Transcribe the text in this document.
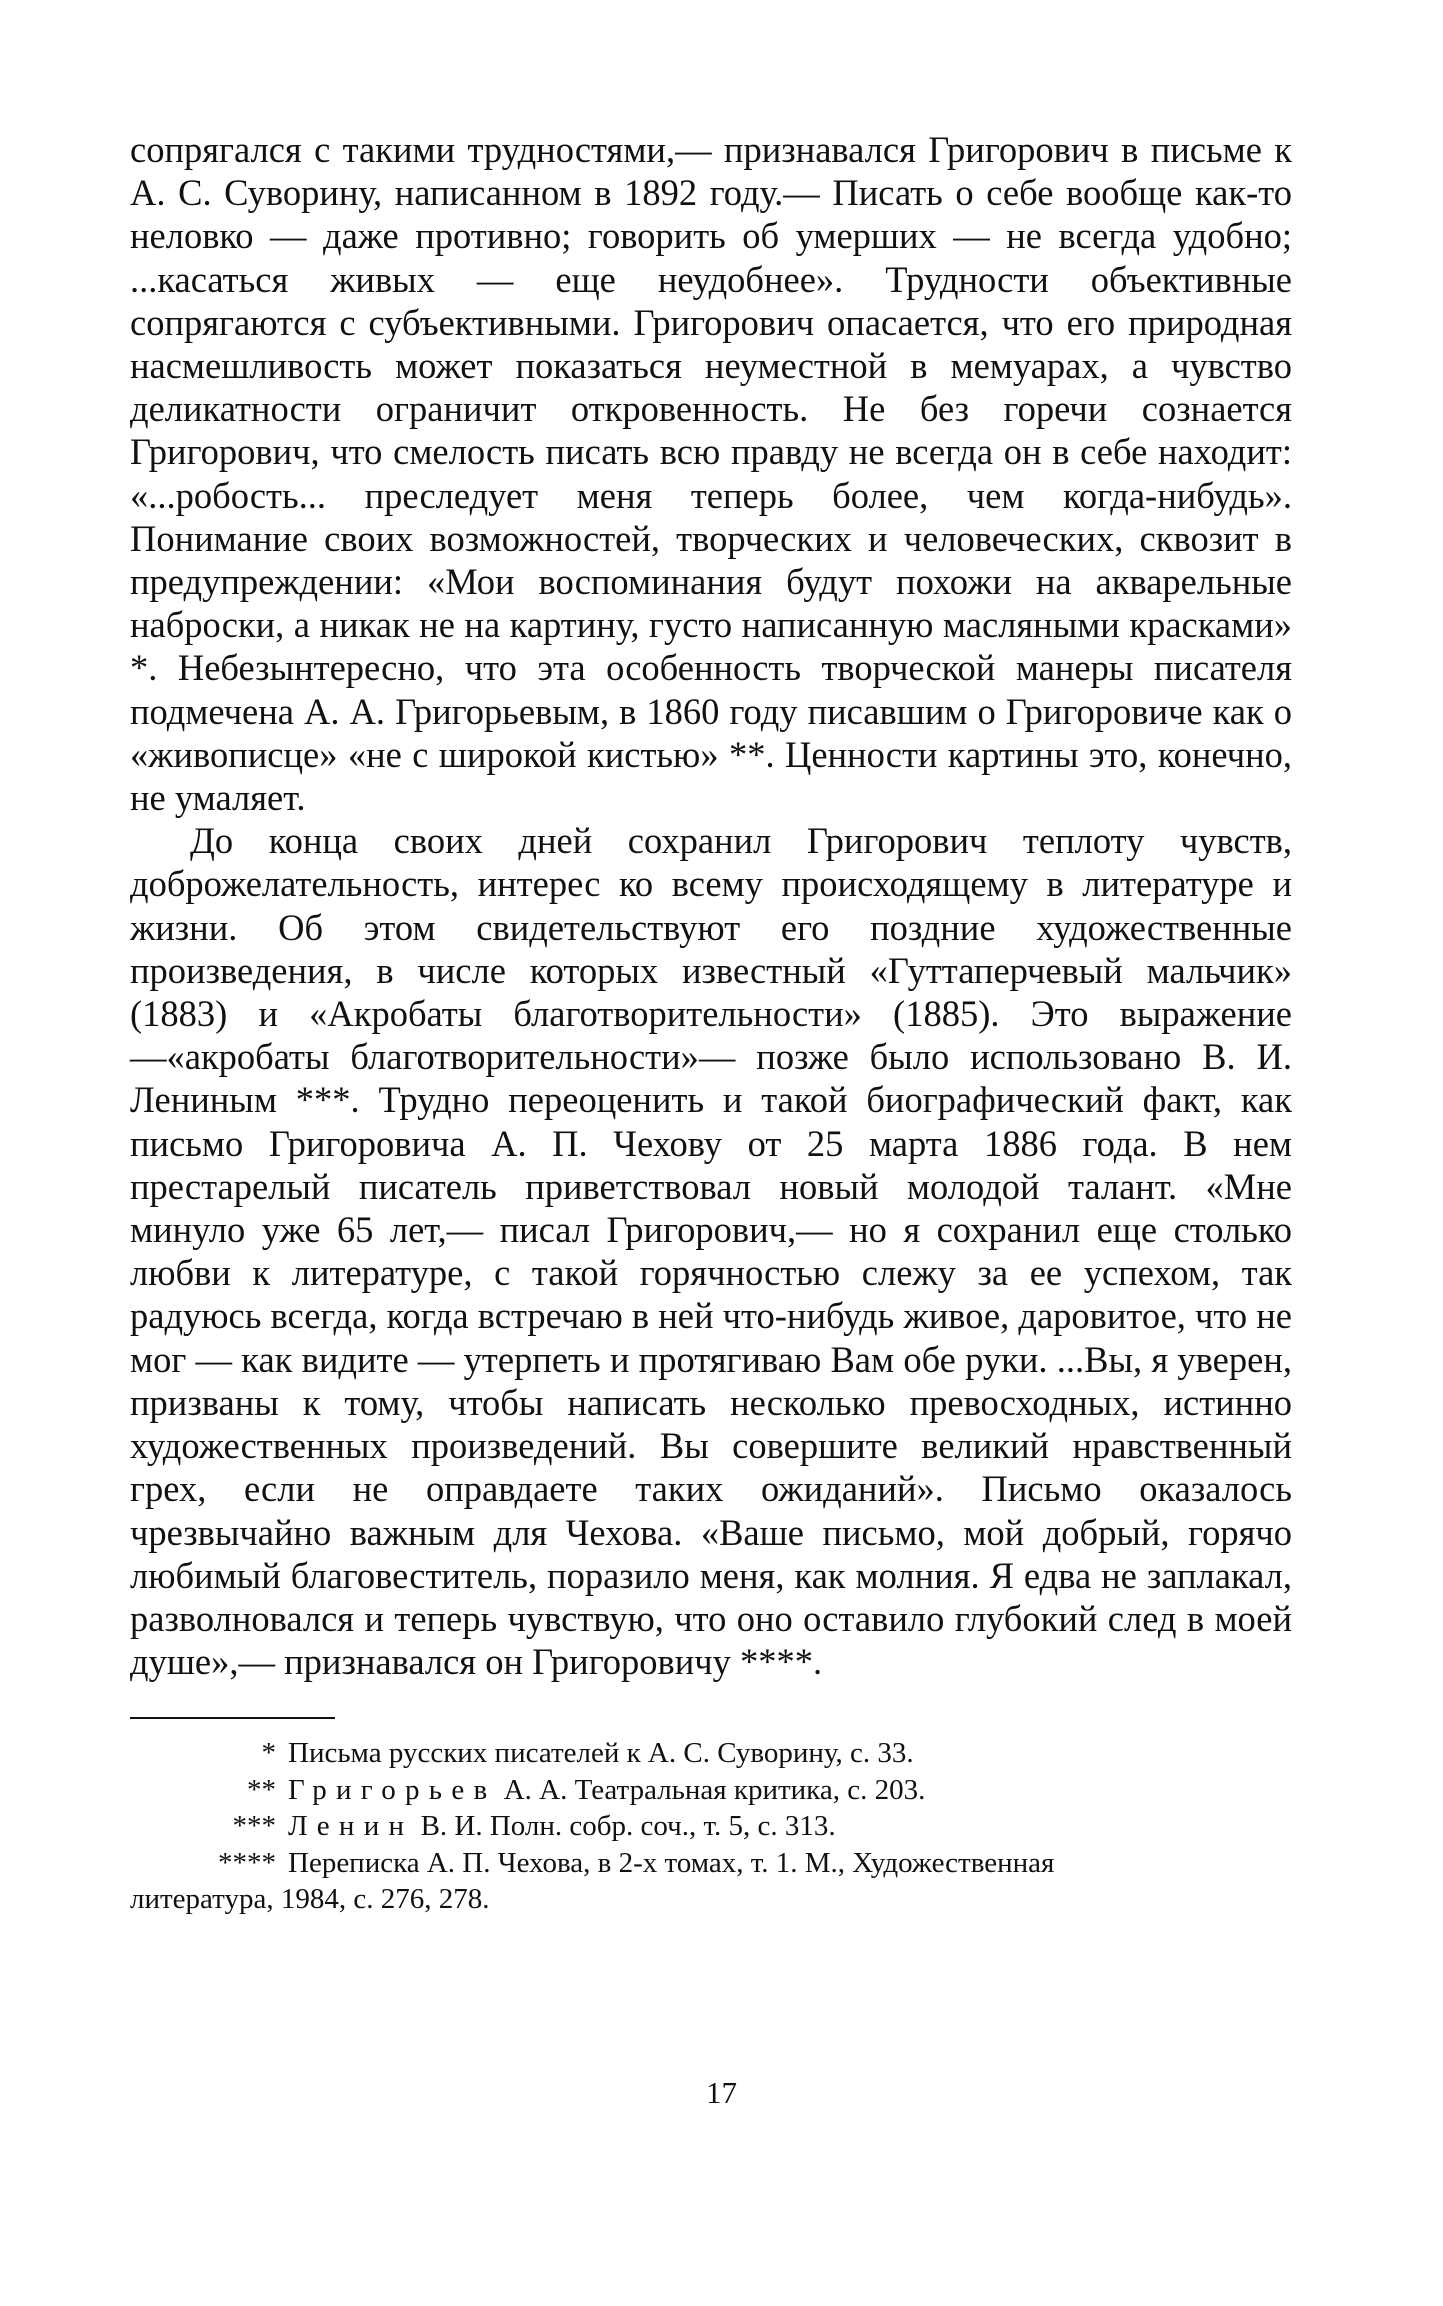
сопрягался с такими трудностями,— признавался Григорович в письме к А. С. Суворину, написанном в 1892 году.— Писать о себе вообще как-то неловко — даже противно; говорить об умерших — не всегда удобно; ...касаться живых — еще неудобнее». Трудности объективные сопрягаются с субъективными. Григорович опасается, что его природная насмешливость может показаться неуместной в мемуарах, а чувство деликатности ограничит откровенность. Не без горечи сознается Григорович, что смелость писать всю правду не всегда он в себе находит: «...робость... преследует меня теперь более, чем когда-нибудь». Понимание своих возможностей, творческих и человеческих, сквозит в предупреждении: «Мои воспоминания будут похожи на акварельные наброски, а никак не на картину, густо написанную масляными красками» *. Небезынтересно, что эта особенность творческой манеры писателя подмечена А. А. Григорьевым, в 1860 году писавшим о Григоровиче как о «живописце» «не с широкой кистью» **. Ценности картины это, конечно, не умаляет.

До конца своих дней сохранил Григорович теплоту чувств, доброжелательность, интерес ко всему происходящему в литературе и жизни. Об этом свидетельствуют его поздние художественные произведения, в числе которых известный «Гуттаперчевый мальчик» (1883) и «Акробаты благотворительности» (1885). Это выражение —«акробаты благотворительности»— позже было использовано В. И. Лениным ***. Трудно переоценить и такой биографический факт, как письмо Григоровича А. П. Чехову от 25 марта 1886 года. В нем престарелый писатель приветствовал новый молодой талант. «Мне минуло уже 65 лет,— писал Григорович,— но я сохранил еще столько любви к литературе, с такой горячностью слежу за ее успехом, так радуюсь всегда, когда встречаю в ней что-нибудь живое, даровитое, что не мог — как видите — утерпеть и протягиваю Вам обе руки. ...Вы, я уверен, призваны к тому, чтобы написать несколько превосходных, истинно художественных произведений. Вы совершите великий нравственный грех, если не оправдаете таких ожиданий». Письмо оказалось чрезвычайно важным для Чехова. «Ваше письмо, мой добрый, горячо любимый благовеститель, поразило меня, как молния. Я едва не заплакал, разволновался и теперь чувствую, что оно оставило глубокий след в моей душе»,— признавался он Григоровичу ****.

* Письма русских писателей к А. С. Суворину, с. 33.

** Григорьев А. А. Театральная критика, с. 203.

*** Ленин В. И. Полн. собр. соч., т. 5, с. 313.

**** Переписка А. П. Чехова, в 2-х томах, т. 1. М., Художественная

литература, 1984, с. 276, 278.

17
